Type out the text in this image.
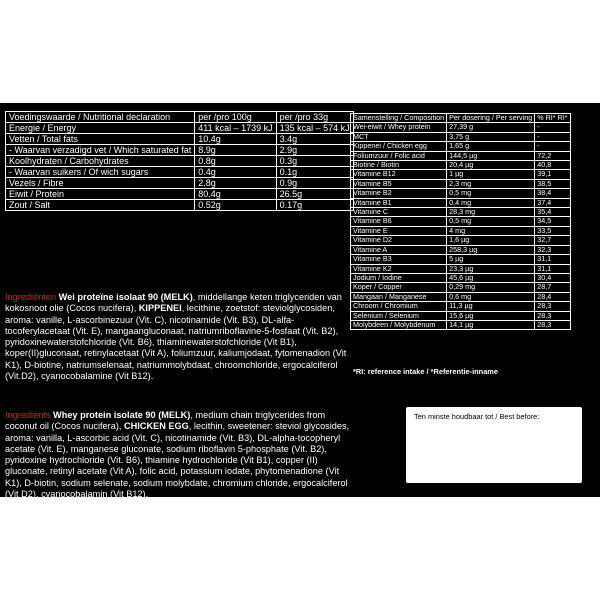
Voedingswaarde / Nutritional declaration	per /pro 100g	per /pro 33g
Energie / Energy	411 kcal – 1739 kJ	135 kcal – 574 kJ
Vetten / Total fats	10.4g	3.4g
- Waarvan verzadigd vet / Which saturated fat	8.9g	2.9g
Koolhydraten / Carbohydrates	0.8g	0.3g
- Waarvan suikers / Of wich sugars	0.4g	0.1g
Vezels / Fibre	2.8g	0.9g
Eiwit / Protein	80.4g	26.5g
Zout / Salt	0.52g	0.17g
Ingrediënten Wei proteïne isolaat 90 (MELK), middellange keten triglyceriden van kokosnoot olie (Cocos nucifera), KIPPENEI, lecithine, zoetstof: steviolglycosiden, aroma: vanille, L-ascorbinezuur (Vit. C), nicotinamide (Vit. B3), DL-alfa-tocoferylacetaat (Vit. E), mangaangluconaat, natriumriboflavine-5-fosfaat (Vit. B2), pyridoxinewaterstofchloride (Vit. B6), thiaminewaterstofchloride (Vit B1), koper(II)gluconaat, retinylacetaat (Vit A), foliumzuur, kaliumjodaat, fytomenadion (Vit K1), D-biotine, natriumselenaat, natriummolybdaat, chroomchloride, ergocalciferol (Vit.D2), cyanocobalamine (Vit B12).
Ingredients Whey protein isolate 90 (MELK), medium chain triglycerides from coconut oil (Cocos nucifera), CHICKEN EGG, lecithin, sweetener: steviol glycosides, aroma: vanilla, L-ascorbic acid (Vit. C), nicotinamide (Vit. B3), DL-alpha-tocopheryl acetate (Vit. E), manganese gluconate, sodium riboflavin 5-phosphate (Vit. B2), pyridoxine hydrochloride (Vit. B6), thiamine hydrochloride (Vit B1), copper (II) gluconate, retinyl acetate (Vit A), folic acid, potassium iodate, phytomenadione (Vit K1), D-biotin, sodium selenate, sodium molybdate, chromium chloride, ergocalciferol (Vit D2), cyanocobalamin (Vit B12).
Samenstelling / Composition	Per dosering / Per serving	% RI* RI*
Wei-eiwit / Whey protein	27,39 g	-
MCT	3,75 g	-
Kippenei / Chicken egg	1,65 g	-
Foliumzuur / Folic acid	144,5 µg	72,2
Biotine / Biotin	20,4 µg	40,8
Vitamine B12	1 µg	39,1
Vitamine B5	2,3 mg	38,5
Vitamine B2	0,5 mg	38,4
Vitamine B1	0,4 mg	37,4
Vitamine C	28,3 mg	35,4
Vitamine B6	0,5 mg	34,5
Vitamine E	4 mg	33,5
Vitamine D2	1,6 µg	32,7
Vitamine A	258,3 µg	32,3
Vitamine B3	5 µg	31,1
Vitamine K2	23,3 µg	31,1
Jodium / Iodine	45,6 µg	30,4
Koper / Copper	0,29 mg	28,7
Mangaan / Manganese	0,6 mg	28,4
Chroom / Chromium	11,3 µg	28,3
Selenium / Selenium	15,6 µg	28,3
Molybdeen / Molybdenum	14,1 µg	28,3
*RI: reference intake / *Referentie-inname
Ten minste houdbaar tot / Best before:
